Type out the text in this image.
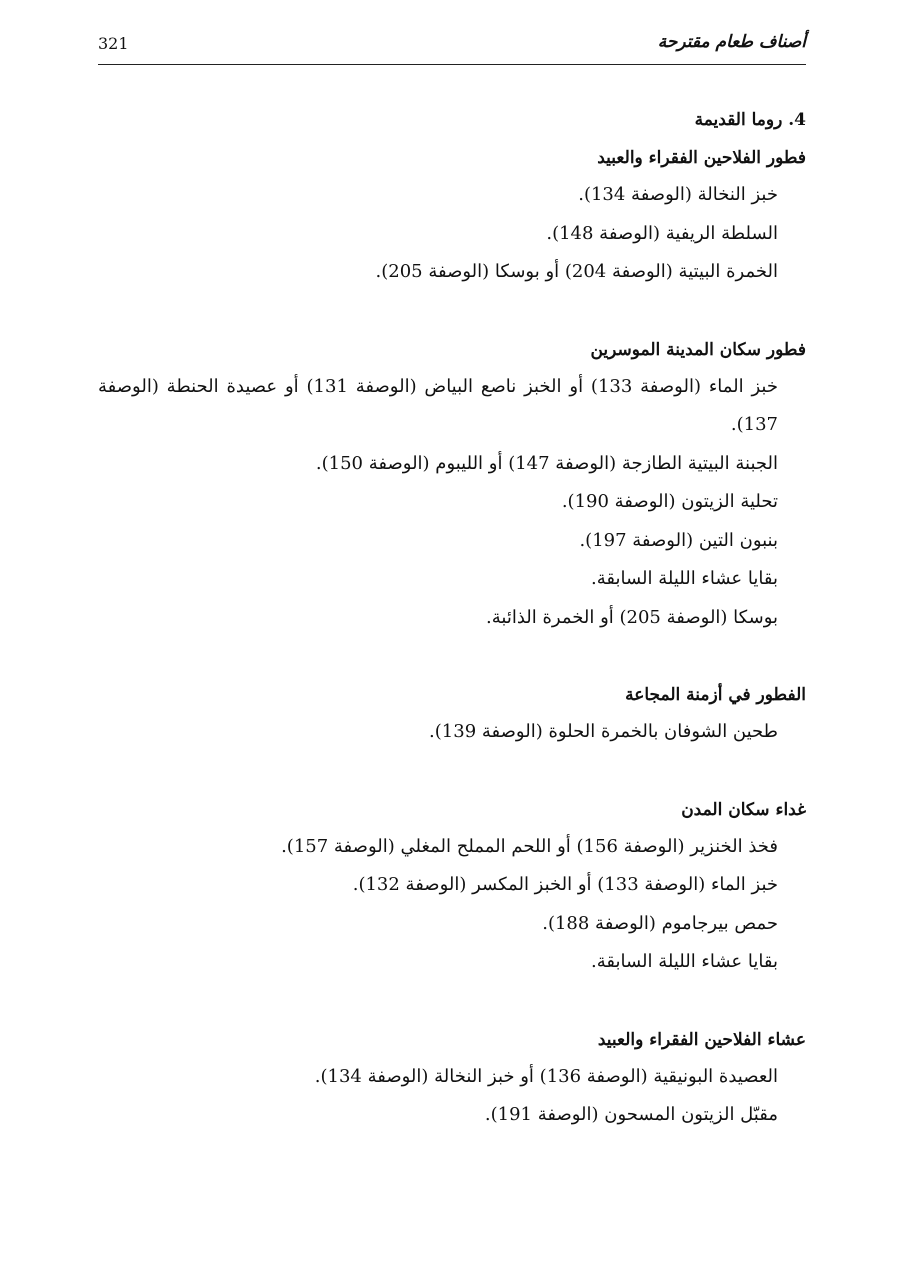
أصناف طعام مقترحة
321
4. روما القديمة
فطور الفلاحين الفقراء والعبيد

خبز النخالة (الوصفة 134).

السلطة الريفية (الوصفة 148).

الخمرة البيتية (الوصفة 204) أو بوسكا (الوصفة 205).

فطور سكان المدينة الموسرين

خبز الماء (الوصفة 133) أو الخبز ناصع البياض (الوصفة 131) أو عصيدة الحنطة (الوصفة 137).

الجبنة البيتية الطازجة (الوصفة 147) أو الليبوم (الوصفة 150).

تحلية الزيتون (الوصفة 190).

بنبون التين (الوصفة 197).

بقايا عشاء الليلة السابقة.

بوسكا (الوصفة 205) أو الخمرة الذائبة.

الفطور في أزمنة المجاعة

طحين الشوفان بالخمرة الحلوة (الوصفة 139).

غداء سكان المدن

فخذ الخنزير (الوصفة 156) أو اللحم المملح المغلي (الوصفة 157).

خبز الماء (الوصفة 133) أو الخبز المكسر (الوصفة 132).

حمص بيرجاموم (الوصفة 188).

بقايا عشاء الليلة السابقة.

عشاء الفلاحين الفقراء والعبيد

العصيدة البونيقية (الوصفة 136) أو خبز النخالة (الوصفة 134).

مقبّل الزيتون المسحون (الوصفة 191).
